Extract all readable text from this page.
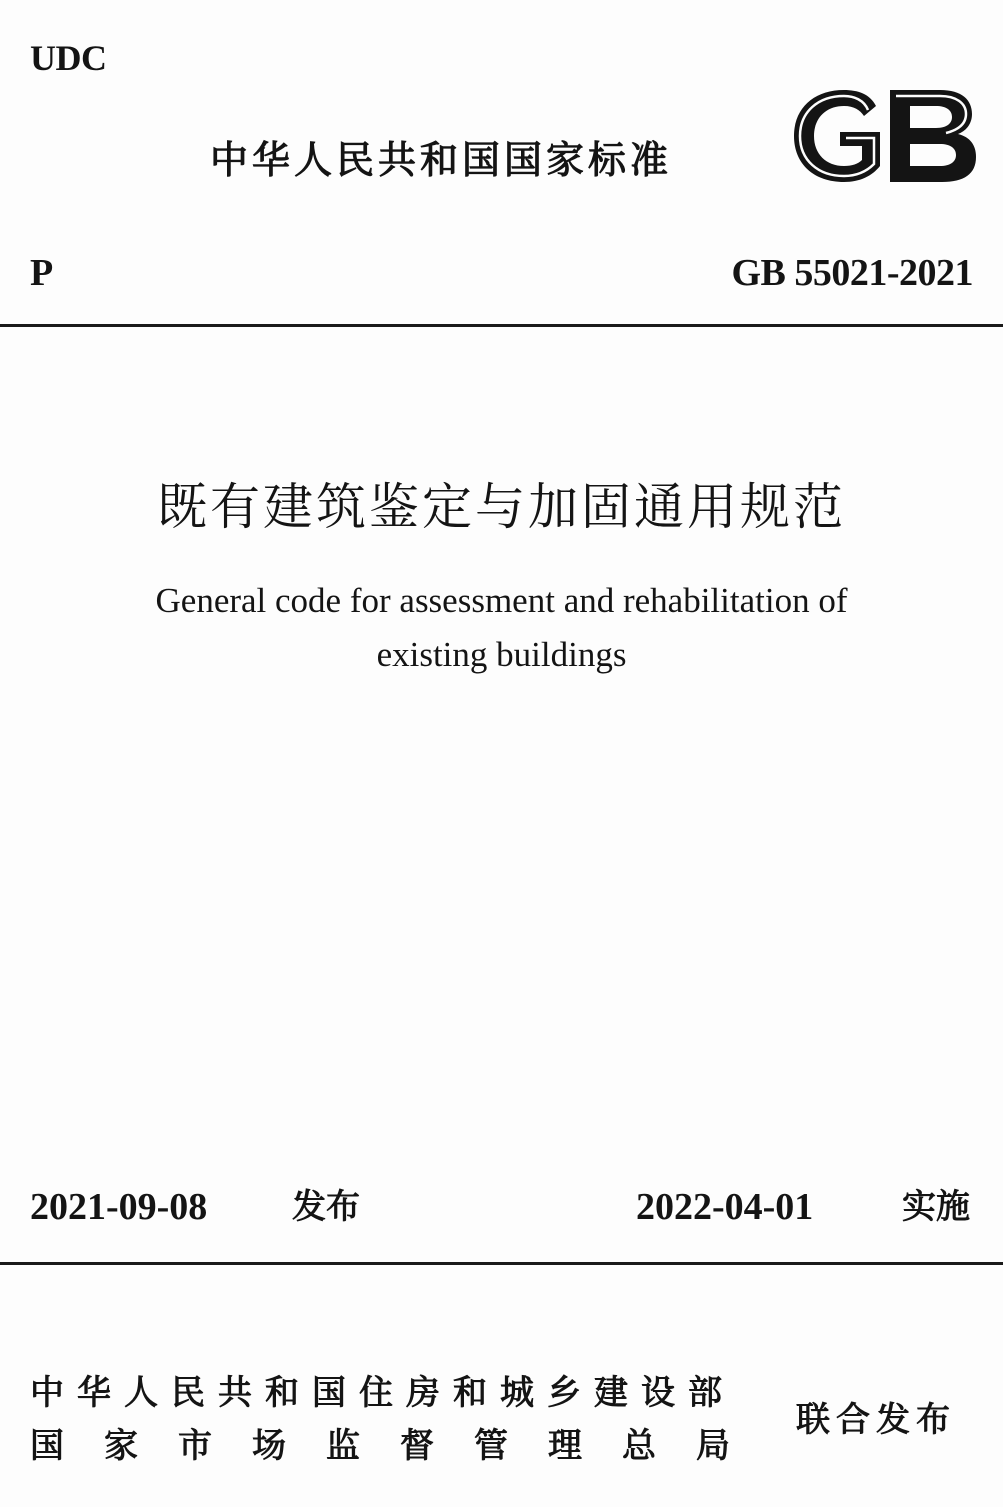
UDC
中华人民共和国国家标准
P	GB 55021-2021
既有建筑鉴定与加固通用规范
General code for assessment and rehabilitation of
existing buildings
2021-09-08 发布	2022-04-01	实施
中华人民共和国住房和城乡建设部
国家市场监督管理总局
联合发布
